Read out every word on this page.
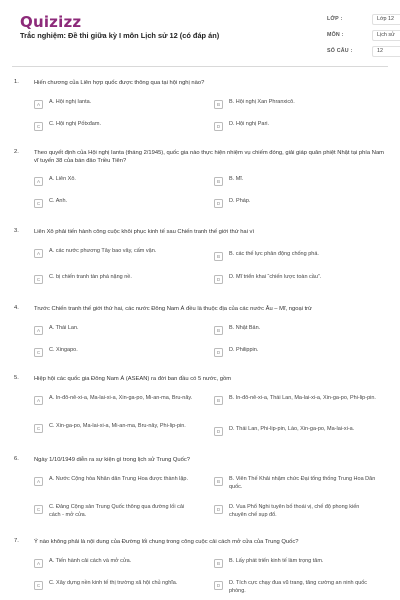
Quizizz
Trắc nghiệm: Đề thi giữa kỳ I môn Lịch sử 12 (có đáp án)
LỚP :	Lớp 12
MÔN :	Lịch sử
SỐ CÂU :	12
1.	Hiến chương của Liên hợp quốc được thông qua tại hội nghị nào?
A	A. Hội nghị Ianta.	B	B. Hội nghị Xan Phranxicô.
C	C. Hội nghị Pốtxđam.	D	D. Hội nghị Pari.
2.	Theo quyết định của Hội nghị Ianta (tháng 2/1945), quốc gia nào thực hiện nhiệm vụ chiếm đóng, giải giáp quân phiệt Nhật tại phía Nam vĩ tuyến 38 của bán đảo Triều Tiên?
A	A. Liên Xô.	B	B. Mĩ.
C	C. Anh.	D	D. Pháp.
3.	Liên Xô phải tiến hành công cuộc khôi phục kinh tế sau Chiến tranh thế giới thứ hai vì
A	A. các nước phương Tây bao vây, cấm vận.
B	B. các thế lực phản động chống phá.
C	C. bị chiến tranh tàn phá nặng nề.	D	D. Mĩ triển khai “chiến lược toàn cầu”.
4.	Trước Chiến tranh thế giới thứ hai, các nước Đông Nam Á đều là thuộc địa của các nước Âu – Mĩ, ngoại trừ
A	A. Thái Lan.	B	B. Nhật Bản.
C	C. Xingapo.	D	D. Philippin.
5.	Hiệp hội các quốc gia Đông Nam Á (ASEAN) ra đời ban đầu có 5 nước, gồm
A	A. In-đô-nê-xi-a, Ma-lai-xi-a, Xin-ga-po, Mi-an-ma, Bru-nây.	B	B. In-đô-nê-xi-a, Thái Lan, Ma-lai-xi-a, Xin-ga-po, Phi-lip-pin.
C	C. Xin-ga-po, Ma-lai-xi-a, Mi-an-ma, Bru-nây, Phi-lip-pin.
D	D. Thái Lan, Phi-lip-pin, Lào, Xin-ga-po, Ma-lai-xi-a.
6.	Ngày 1/10/1949 diễn ra sự kiện gì trong lịch sử Trung Quốc?
A	A. Nước Cộng hòa Nhân dân Trung Hoa được thành lập.	B	B. Viên Thế Khải nhậm chức Đại tổng thống Trung Hoa Dân quốc.
C	C. Đảng Cộng sản Trung Quốc thông qua đường lối cải cách - mở cửa.
D	D. Vua Phổ Nghi tuyên bố thoái vị, chế độ phong kiến chuyên chế sụp đổ.
7.	Ý nào không phải là nội dung của Đường lối chung trong công cuộc cải cách mở cửa của Trung Quốc?
A	A. Tiến hành cải cách và mở cửa.	B	B. Lấy phát triển kinh tế làm trọng tâm.
C	C. Xây dựng nền kinh tế thị trường xã hội chủ nghĩa.	D	D. Tích cực chạy đua vũ trang, tăng cường an ninh quốc phòng.
